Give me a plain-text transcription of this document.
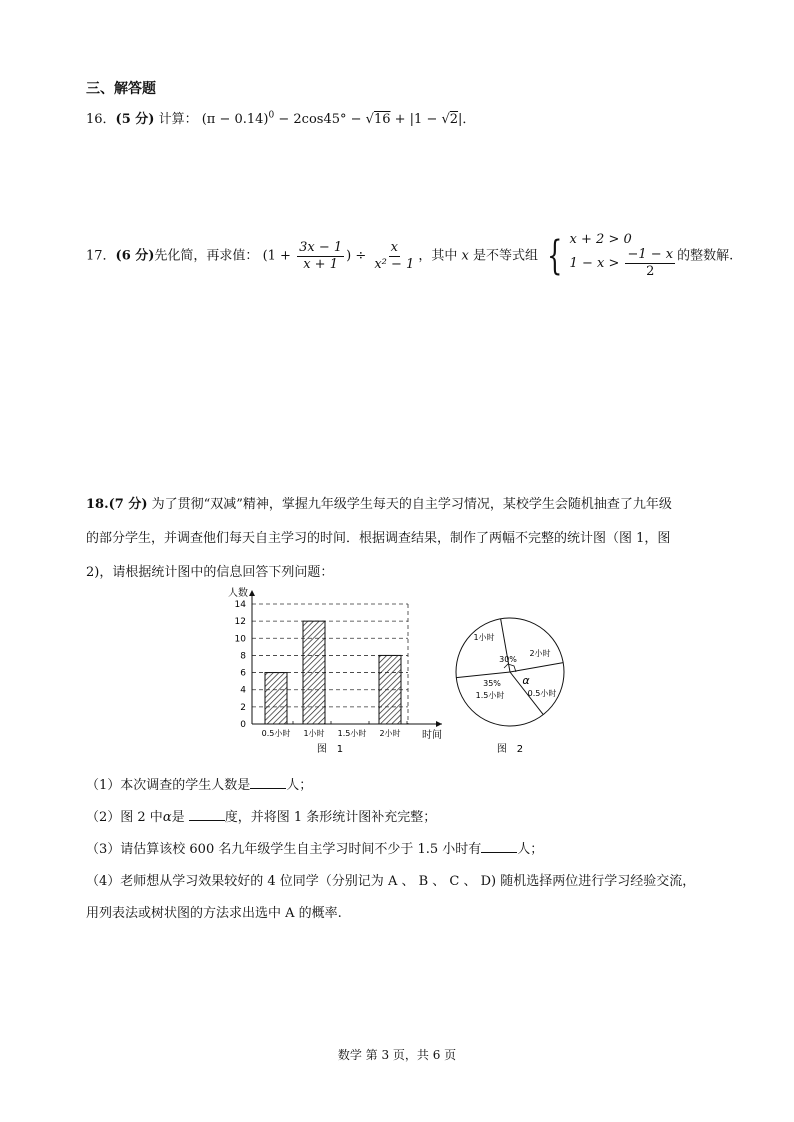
三、解答题
16．(5 分) 计算： $(\pi - 0.14)^0 - 2\cos 45^\circ - √16 + |1 - √2|$．
17．(6 分)先化简，再求值： ($1 + \frac{3x - 1}{x + 1}$ ) ÷ $\frac{x}{\text{x² − 1}}$ ，其中 x 是不等式组 { x + 2 > 0
$1 - x > \frac{-1 - x}{2}$ 的整数解.
18.(7 分) 为了贯彻“双减”精神，掌握九年级学生每天的自主学习情况，某校学生会随机抽查了九年级
的部分学生，并调查他们每天自主学习的时间．根据调查结果，制作了两幅不完整的统计图（图 1，图
2)，请根据统计图中的信息回答下列问题：
0
2
4
6
8
10
12
14
人数
时间
0.5小时 1小时 1.5小时 2小时
图　1
1小时
30%
2小时
α
0.5小时
35%
1.5小时
图　2
（1）本次调查的学生人数是	人；
（2）图 2 中α是	度，并将图 1 条形统计图补充完整；
（3）请估算该校 600 名九年级学生自主学习时间不少于 1.5 小时有	人；
（4）老师想从学习效果较好的 4 位同学（分别记为 A 、 B 、 C 、 D) 随机选择两位进行学习经验交流，
用列表法或树状图的方法求出选中 A 的概率.
数学 第 3 页，共 6 页
